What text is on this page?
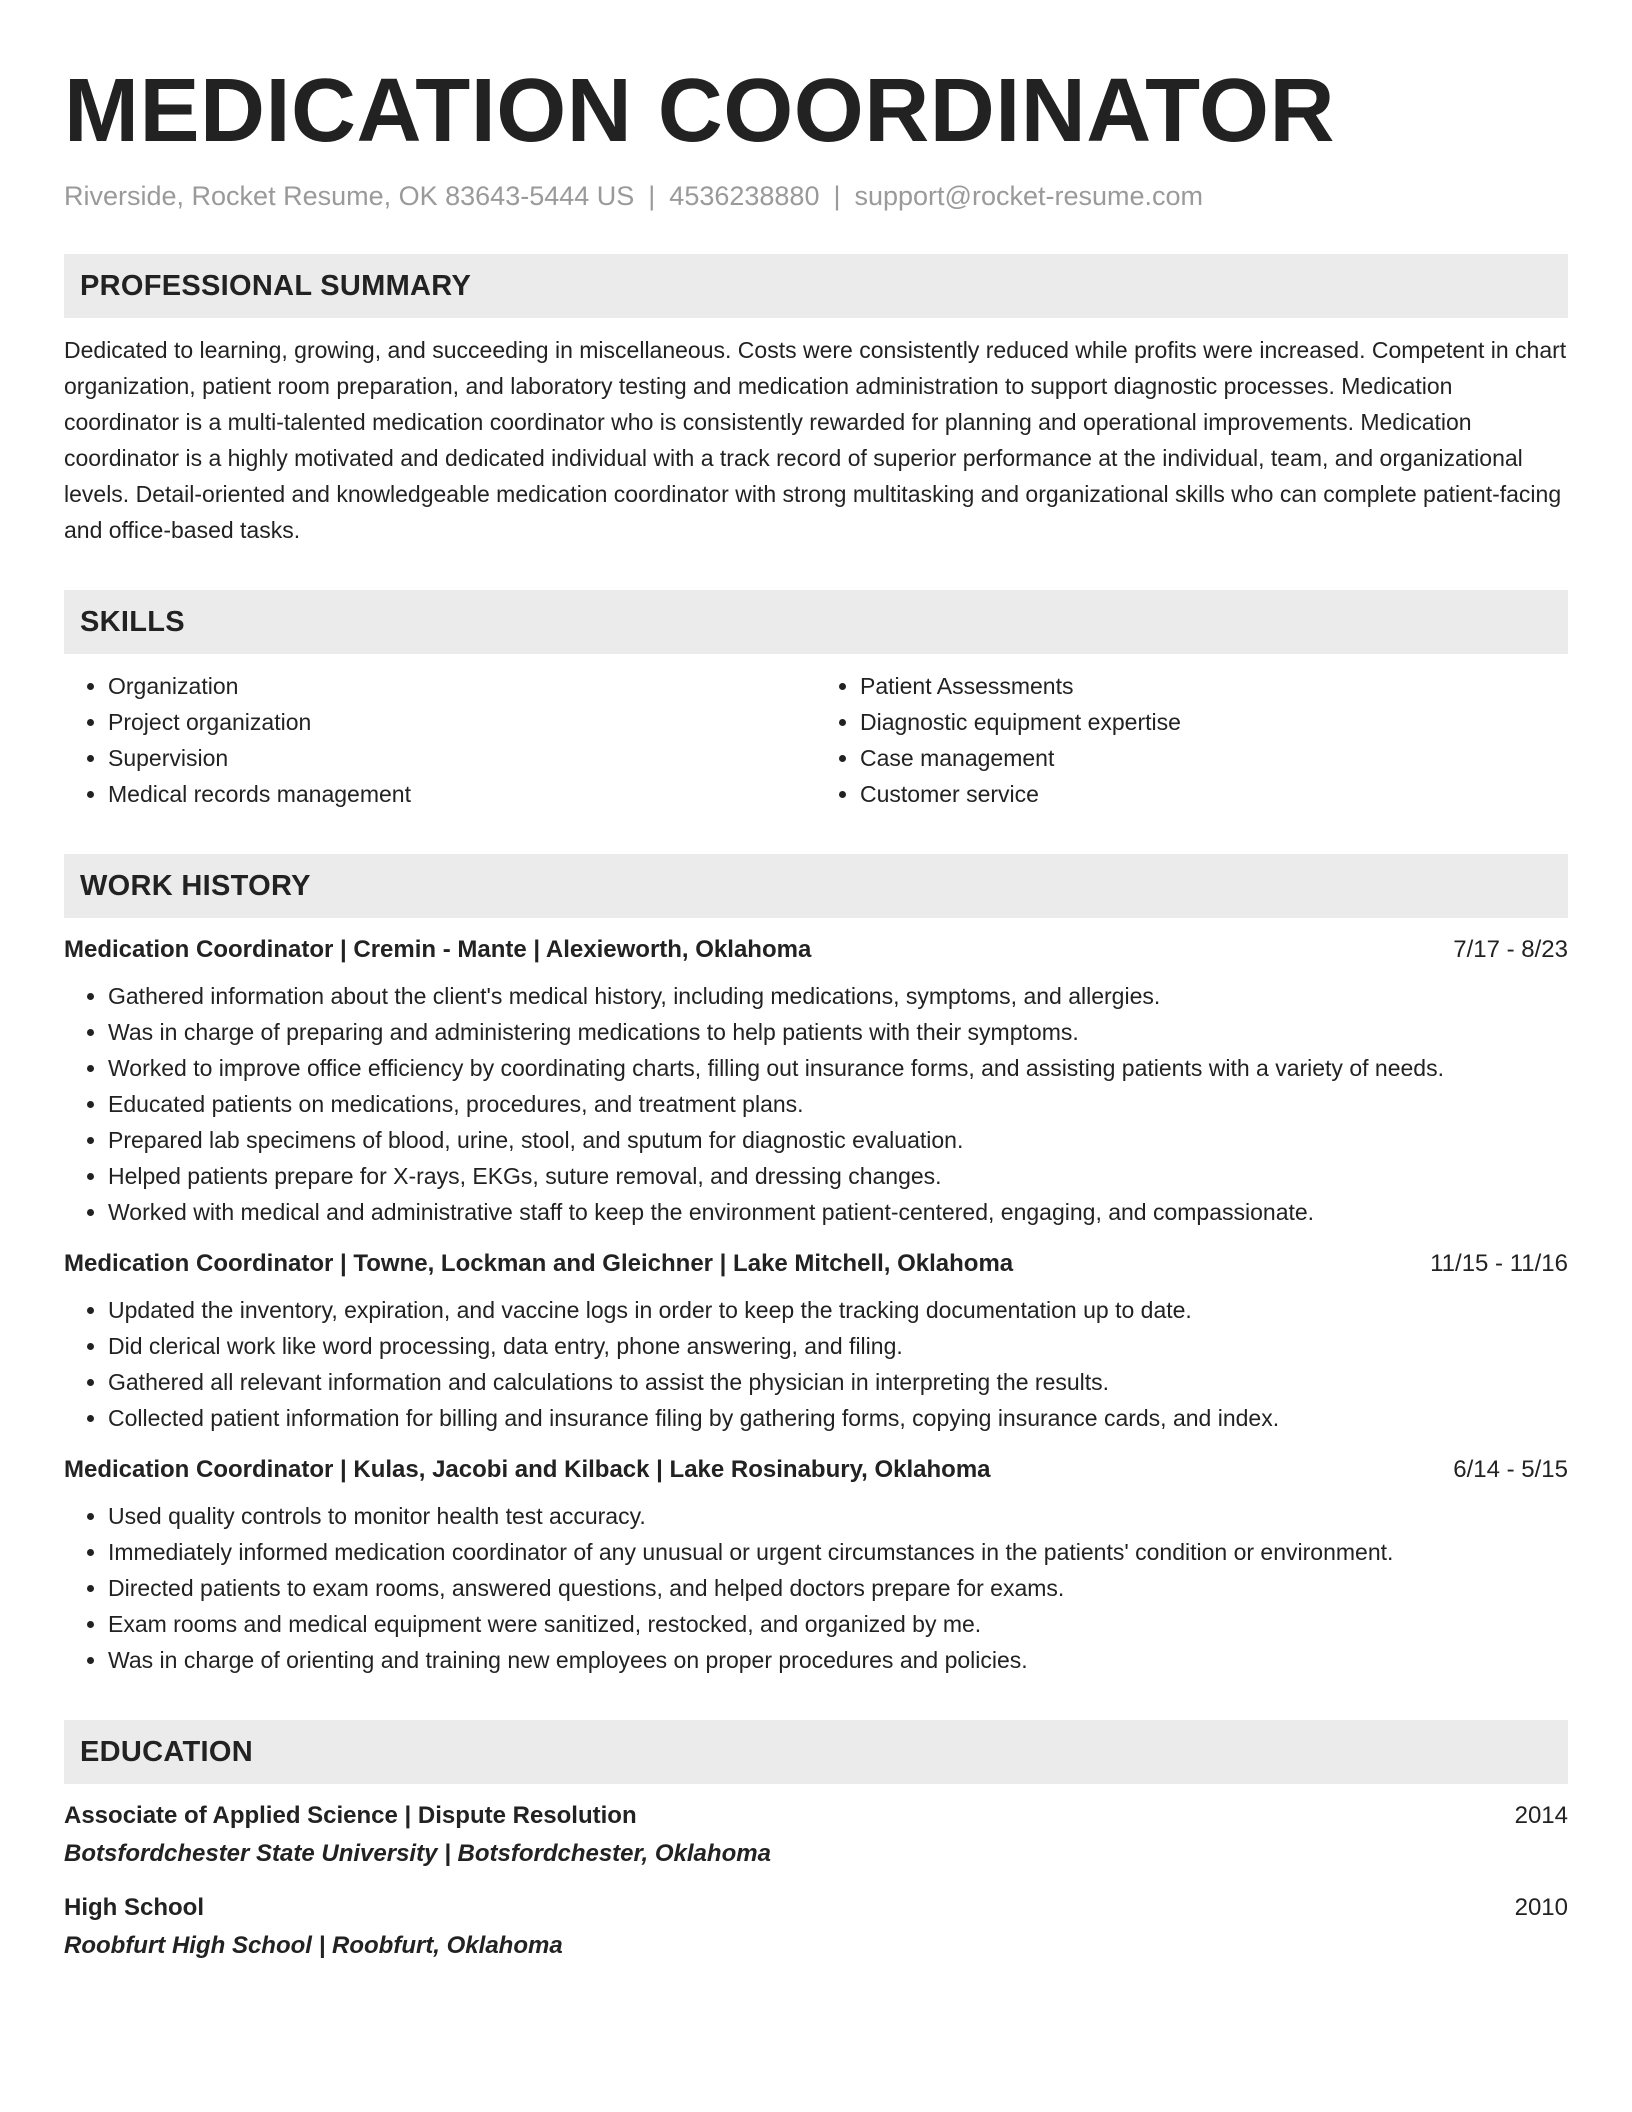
MEDICATION COORDINATOR
Riverside, Rocket Resume, OK 83643-5444 US | 4536238880 | support@rocket-resume.com
PROFESSIONAL SUMMARY
Dedicated to learning, growing, and succeeding in miscellaneous. Costs were consistently reduced while profits were increased. Competent in chart organization, patient room preparation, and laboratory testing and medication administration to support diagnostic processes. Medication coordinator is a multi-talented medication coordinator who is consistently rewarded for planning and operational improvements. Medication coordinator is a highly motivated and dedicated individual with a track record of superior performance at the individual, team, and organizational levels. Detail-oriented and knowledgeable medication coordinator with strong multitasking and organizational skills who can complete patient-facing and office-based tasks.
SKILLS
• Organization
• Project organization
• Supervision
• Medical records management
• Patient Assessments
• Diagnostic equipment expertise
• Case management
• Customer service
WORK HISTORY
Medication Coordinator | Cremin - Mante | Alexieworth, Oklahoma	7/17 - 8/23
• Gathered information about the client's medical history, including medications, symptoms, and allergies.
• Was in charge of preparing and administering medications to help patients with their symptoms.
• Worked to improve office efficiency by coordinating charts, filling out insurance forms, and assisting patients with a variety of needs.
• Educated patients on medications, procedures, and treatment plans.
• Prepared lab specimens of blood, urine, stool, and sputum for diagnostic evaluation.
• Helped patients prepare for X-rays, EKGs, suture removal, and dressing changes.
• Worked with medical and administrative staff to keep the environment patient-centered, engaging, and compassionate.
Medication Coordinator | Towne, Lockman and Gleichner | Lake Mitchell, Oklahoma	11/15 - 11/16
• Updated the inventory, expiration, and vaccine logs in order to keep the tracking documentation up to date.
• Did clerical work like word processing, data entry, phone answering, and filing.
• Gathered all relevant information and calculations to assist the physician in interpreting the results.
• Collected patient information for billing and insurance filing by gathering forms, copying insurance cards, and index.
Medication Coordinator | Kulas, Jacobi and Kilback | Lake Rosinabury, Oklahoma	6/14 - 5/15
• Used quality controls to monitor health test accuracy.
• Immediately informed medication coordinator of any unusual or urgent circumstances in the patients' condition or environment.
• Directed patients to exam rooms, answered questions, and helped doctors prepare for exams.
• Exam rooms and medical equipment were sanitized, restocked, and organized by me.
• Was in charge of orienting and training new employees on proper procedures and policies.
EDUCATION
Associate of Applied Science | Dispute Resolution	2014
Botsfordchester State University | Botsfordchester, Oklahoma
High School	2010
Roobfurt High School | Roobfurt, Oklahoma
